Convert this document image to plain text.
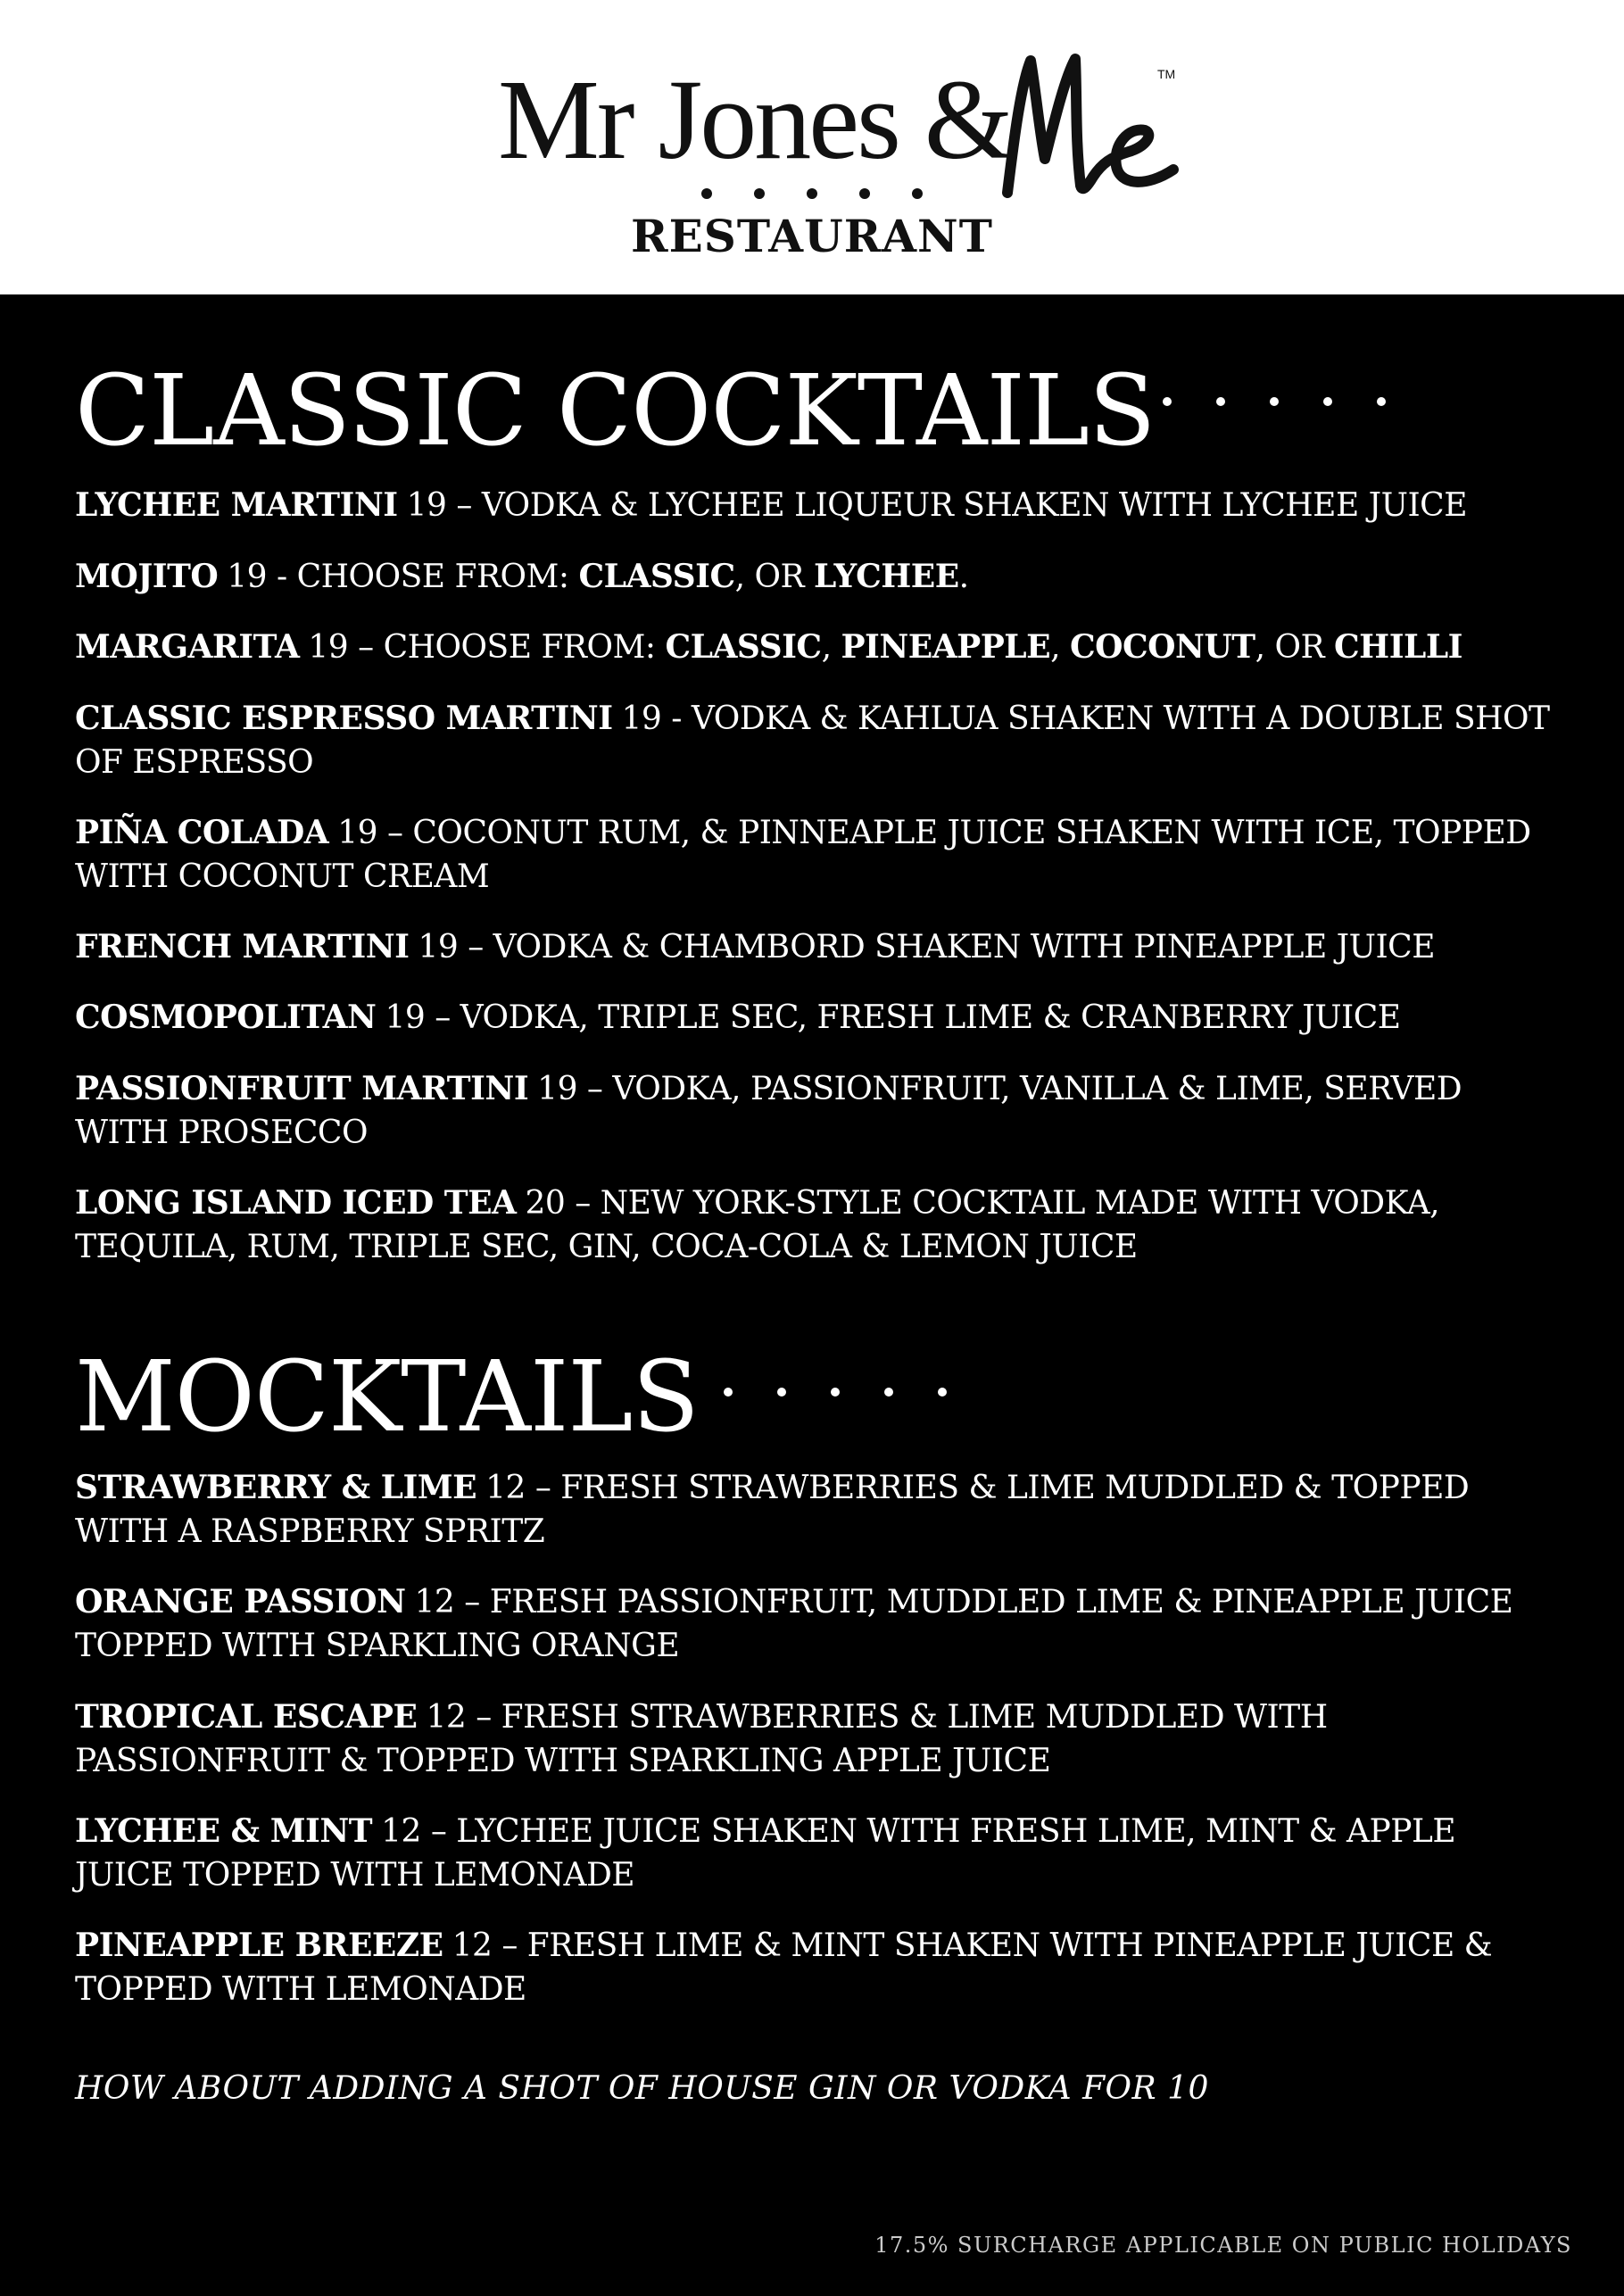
Mr Jones &	TM
RESTAURANT
CLASSIC COCKTAILS
LYCHEE MARTINI 19 – VODKA & LYCHEE LIQUEUR SHAKEN WITH LYCHEE JUICE
MOJITO 19 - CHOOSE FROM: CLASSIC, OR LYCHEE.
MARGARITA 19 – CHOOSE FROM: CLASSIC, PINEAPPLE, COCONUT, OR CHILLI
CLASSIC ESPRESSO MARTINI 19 - VODKA & KAHLUA SHAKEN WITH A DOUBLE SHOT OF ESPRESSO
PIÑA COLADA 19 – COCONUT RUM, & PINNEAPLE JUICE SHAKEN WITH ICE, TOPPED WITH COCONUT CREAM
FRENCH MARTINI 19 – VODKA & CHAMBORD SHAKEN WITH PINEAPPLE JUICE
COSMOPOLITAN 19 – VODKA, TRIPLE SEC, FRESH LIME & CRANBERRY JUICE
PASSIONFRUIT MARTINI 19 – VODKA, PASSIONFRUIT, VANILLA & LIME, SERVED WITH PROSECCO
LONG ISLAND ICED TEA 20 – NEW YORK-STYLE COCKTAIL MADE WITH VODKA, TEQUILA, RUM, TRIPLE SEC, GIN, COCA-COLA & LEMON JUICE
MOCKTAILS
STRAWBERRY & LIME 12 – FRESH STRAWBERRIES & LIME MUDDLED & TOPPED WITH A RASPBERRY SPRITZ
ORANGE PASSION 12 – FRESH PASSIONFRUIT, MUDDLED LIME & PINEAPPLE JUICE TOPPED WITH SPARKLING ORANGE
TROPICAL ESCAPE 12 – FRESH STRAWBERRIES & LIME MUDDLED WITH PASSIONFRUIT & TOPPED WITH SPARKLING APPLE JUICE
LYCHEE & MINT 12 – LYCHEE JUICE SHAKEN WITH FRESH LIME, MINT & APPLE JUICE TOPPED WITH LEMONADE
PINEAPPLE BREEZE 12 – FRESH LIME & MINT SHAKEN WITH PINEAPPLE JUICE & TOPPED WITH LEMONADE
HOW ABOUT ADDING A SHOT OF HOUSE GIN OR VODKA FOR 10
17.5% SURCHARGE APPLICABLE ON PUBLIC HOLIDAYS
